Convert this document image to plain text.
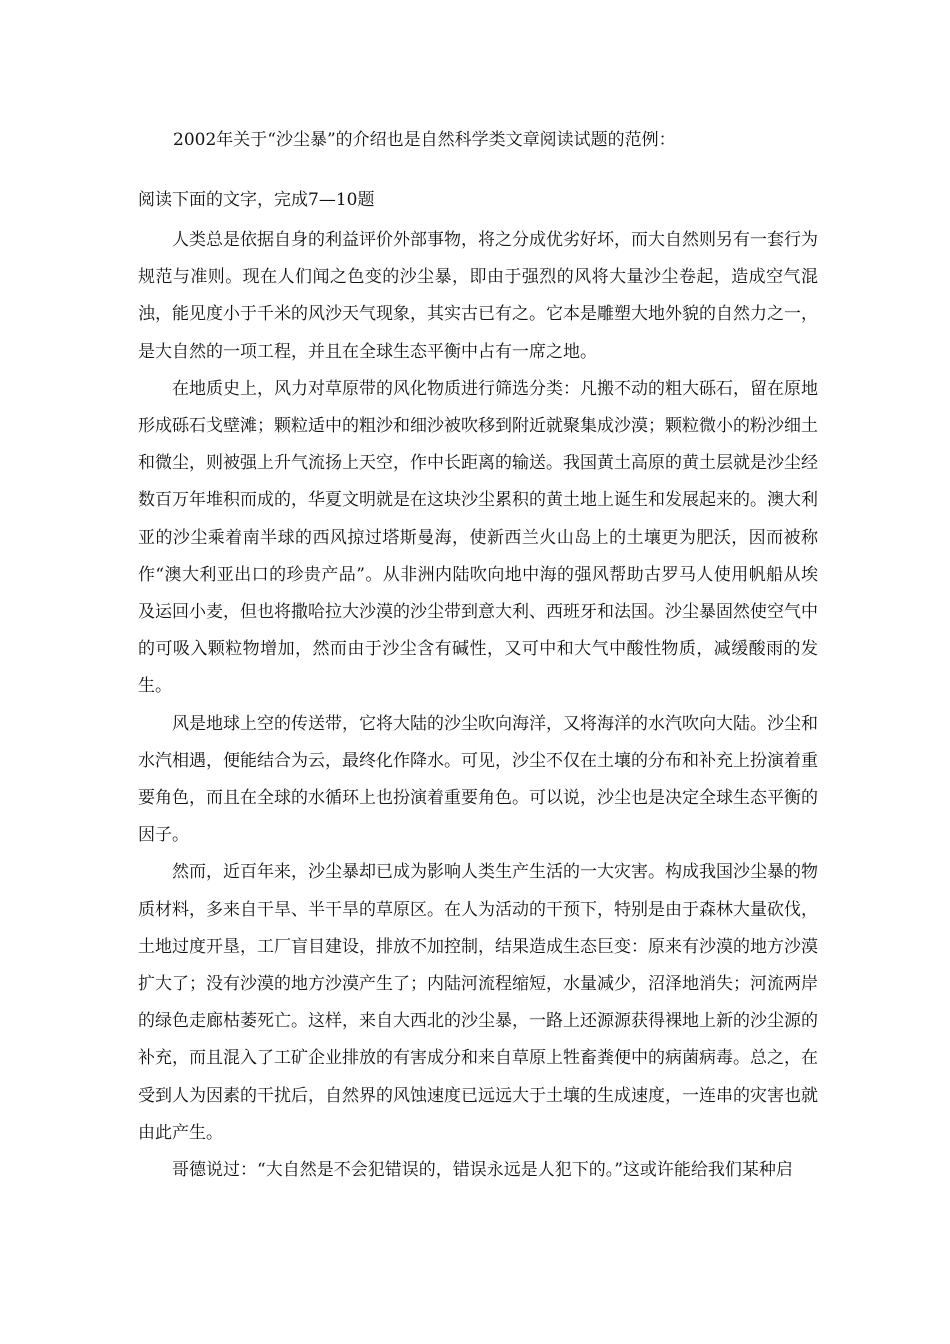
2002年关于“沙尘暴”的介绍也是自然科学类文章阅读试题的范例：

阅读下面的文字，完成7—10题

人类总是依据自身的利益评价外部事物，将之分成优劣好坏，而大自然则另有一套行为规范与准则。现在人们闻之色变的沙尘暴，即由于强烈的风将大量沙尘卷起，造成空气混浊，能见度小于千米的风沙天气现象，其实古已有之。它本是雕塑大地外貌的自然力之一，是大自然的一项工程，并且在全球生态平衡中占有一席之地。

在地质史上，风力对草原带的风化物质进行筛选分类：凡搬不动的粗大砾石，留在原地形成砾石戈壁滩；颗粒适中的粗沙和细沙被吹移到附近就聚集成沙漠；颗粒微小的粉沙细土和微尘，则被强上升气流扬上天空，作中长距离的输送。我国黄土高原的黄土层就是沙尘经数百万年堆积而成的，华夏文明就是在这块沙尘累积的黄土地上诞生和发展起来的。澳大利亚的沙尘乘着南半球的西风掠过塔斯曼海，使新西兰火山岛上的土壤更为肥沃，因而被称作“澳大利亚出口的珍贵产品”。从非洲内陆吹向地中海的强风帮助古罗马人使用帆船从埃及运回小麦，但也将撒哈拉大沙漠的沙尘带到意大利、西班牙和法国。沙尘暴固然使空气中的可吸入颗粒物增加，然而由于沙尘含有碱性，又可中和大气中酸性物质，减缓酸雨的发生。

风是地球上空的传送带，它将大陆的沙尘吹向海洋，又将海洋的水汽吹向大陆。沙尘和水汽相遇，便能结合为云，最终化作降水。可见，沙尘不仅在土壤的分布和补充上扮演着重要角色，而且在全球的水循环上也扮演着重要角色。可以说，沙尘也是决定全球生态平衡的因子。

然而，近百年来，沙尘暴却已成为影响人类生产生活的一大灾害。构成我国沙尘暴的物质材料，多来自干旱、半干旱的草原区。在人为活动的干预下，特别是由于森林大量砍伐，土地过度开垦，工厂盲目建设，排放不加控制，结果造成生态巨变：原来有沙漠的地方沙漠扩大了；没有沙漠的地方沙漠产生了；内陆河流程缩短，水量减少，沼泽地消失；河流两岸的绿色走廊枯萎死亡。这样，来自大西北的沙尘暴，一路上还源源获得裸地上新的沙尘源的补充，而且混入了工矿企业排放的有害成分和来自草原上牲畜粪便中的病菌病毒。总之，在受到人为因素的干扰后，自然界的风蚀速度已远远大于土壤的生成速度，一连串的灾害也就由此产生。

哥德说过：“大自然是不会犯错误的，错误永远是人犯下的。”这或许能给我们某种启
